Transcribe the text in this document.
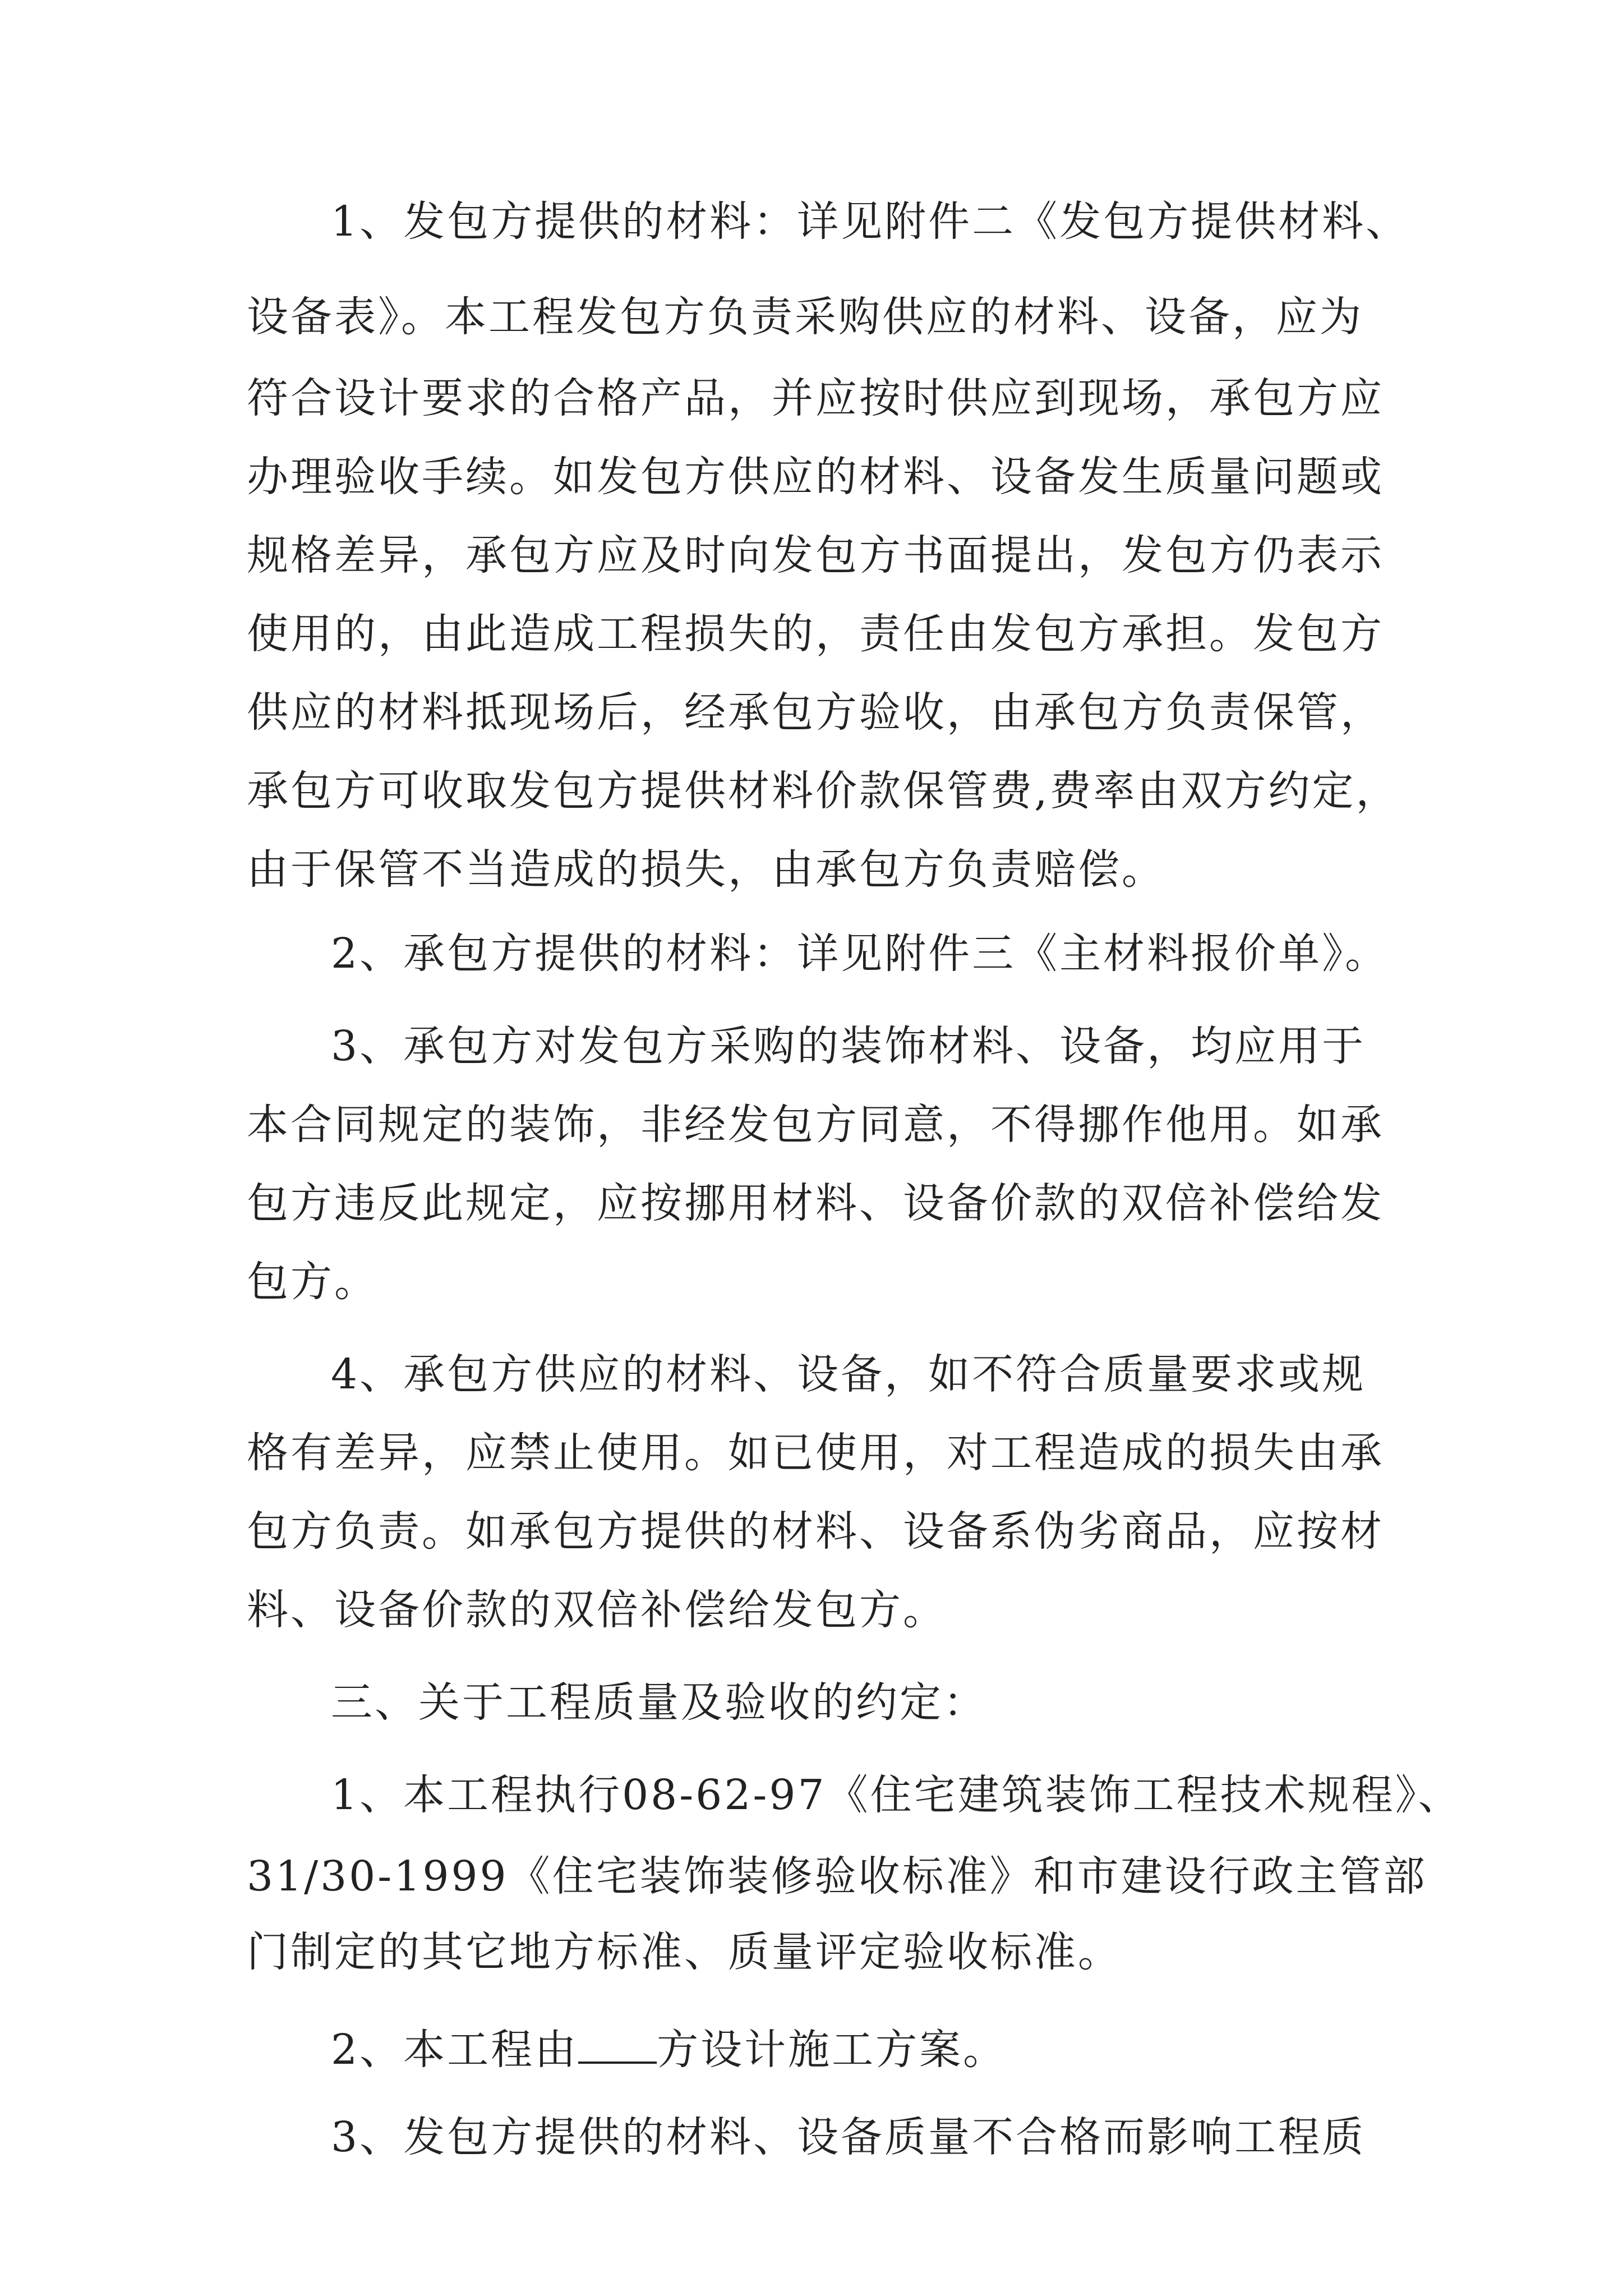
1、发包方提供的材料：详见附件二《发包方提供材料、
设备表》。本工程发包方负责采购供应的材料、设备，应为
符合设计要求的合格产品，并应按时供应到现场，承包方应
办理验收手续。如发包方供应的材料、设备发生质量问题或
规格差异，承包方应及时向发包方书面提出，发包方仍表示
使用的，由此造成工程损失的，责任由发包方承担。发包方
供应的材料抵现场后，经承包方验收，由承包方负责保管，
承包方可收取发包方提供材料价款保管费,费率由双方约定，
由于保管不当造成的损失，由承包方负责赔偿。
2、承包方提供的材料：详见附件三《主材料报价单》。
3、承包方对发包方采购的装饰材料、设备，均应用于
本合同规定的装饰，非经发包方同意，不得挪作他用。如承
包方违反此规定，应按挪用材料、设备价款的双倍补偿给发
包方。
4、承包方供应的材料、设备，如不符合质量要求或规
格有差异，应禁止使用。如已使用，对工程造成的损失由承
包方负责。如承包方提供的材料、设备系伪劣商品，应按材
料、设备价款的双倍补偿给发包方。
三、关于工程质量及验收的约定：
1、本工程执行08-62-97《住宅建筑装饰工程技术规程》、
31/30-1999《住宅装饰装修验收标准》和市建设行政主管部
门制定的其它地方标准、质量评定验收标准。
2、本工程由 方设计施工方案。
3、发包方提供的材料、设备质量不合格而影响工程质
